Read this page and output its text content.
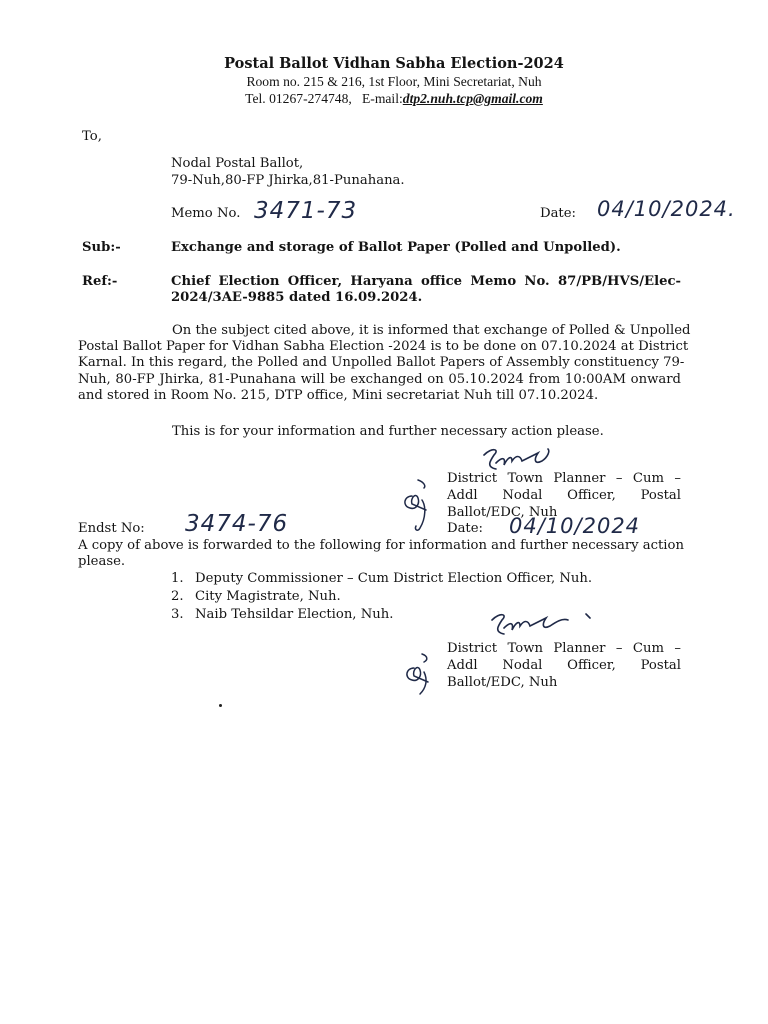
Postal Ballot Vidhan Sabha Election-2024
Room no. 215 & 216, 1st Floor, Mini Secretariat, Nuh
Tel. 01267-274748, E-mail:dtp2.nuh.tcp@gmail.com
To,
Nodal Postal Ballot,
79-Nuh,80-FP Jhirka,81-Punahana.
Memo No. 3471-73	Date: 04/10/2024.
Sub:-	Exchange and storage of Ballot Paper (Polled and Unpolled).
Ref:-	Chief Election Officer, Haryana office Memo No. 87/PB/HVS/Elec-
2024/3AE-9885 dated 16.09.2024.
On the subject cited above, it is informed that exchange of Polled & Unpolled
Postal Ballot Paper for Vidhan Sabha Election -2024 is to be done on 07.10.2024 at District
Karnal. In this regard, the Polled and Unpolled Ballot Papers of Assembly constituency 79-
Nuh, 80-FP Jhirka, 81-Punahana will be exchanged on 05.10.2024 from 10:00AM onward
and stored in Room No. 215, DTP office, Mini secretariat Nuh till 07.10.2024.
This is for your information and further necessary action please.
District Town Planner – Cum –
Addl Nodal Officer, Postal
Ballot/EDC, Nuh
Endst No: 3474-76	Date: 04/10/2024
A copy of above is forwarded to the following for information and further necessary action
please.
1. Deputy Commissioner – Cum District Election Officer, Nuh.
2. City Magistrate, Nuh.
3. Naib Tehsildar Election, Nuh.
District Town Planner – Cum –
Addl Nodal Officer, Postal
Ballot/EDC, Nuh
